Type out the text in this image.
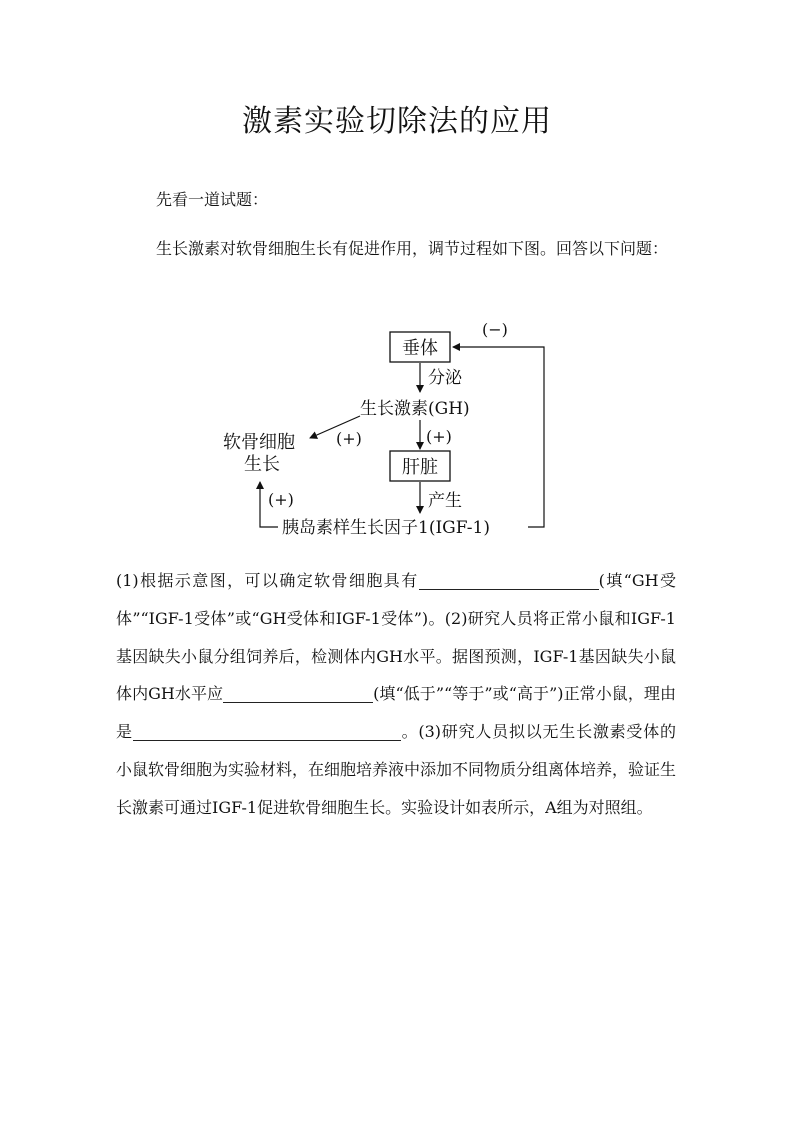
激素实验切除法的应用

先看一道试题：

生长激素对软骨细胞生长有促进作用，调节过程如下图。回答以下问题：

垂体
分泌
生长激素(GH)
(+)
软骨细胞
生长
(+)
肝脏
产生
胰岛素样生长因子1(IGF-1)
(+)
(−)

(1)根据示意图，可以确定软骨细胞具有	(填“GH受体”“IGF-1受体”或“GH受体和IGF-1受体”)。(2)研究人员将正常小鼠和IGF-1基因缺失小鼠分组饲养后，检测体内GH水平。据图预测，IGF-1基因缺失小鼠体内GH水平应	(填“低于”“等于”或“高于”)正常小鼠，理由是	。(3)研究人员拟以无生长激素受体的小鼠软骨细胞为实验材料，在细胞培养液中添加不同物质分组离体培养，验证生长激素可通过IGF-1促进软骨细胞生长。实验设计如表所示，A组为对照组。
